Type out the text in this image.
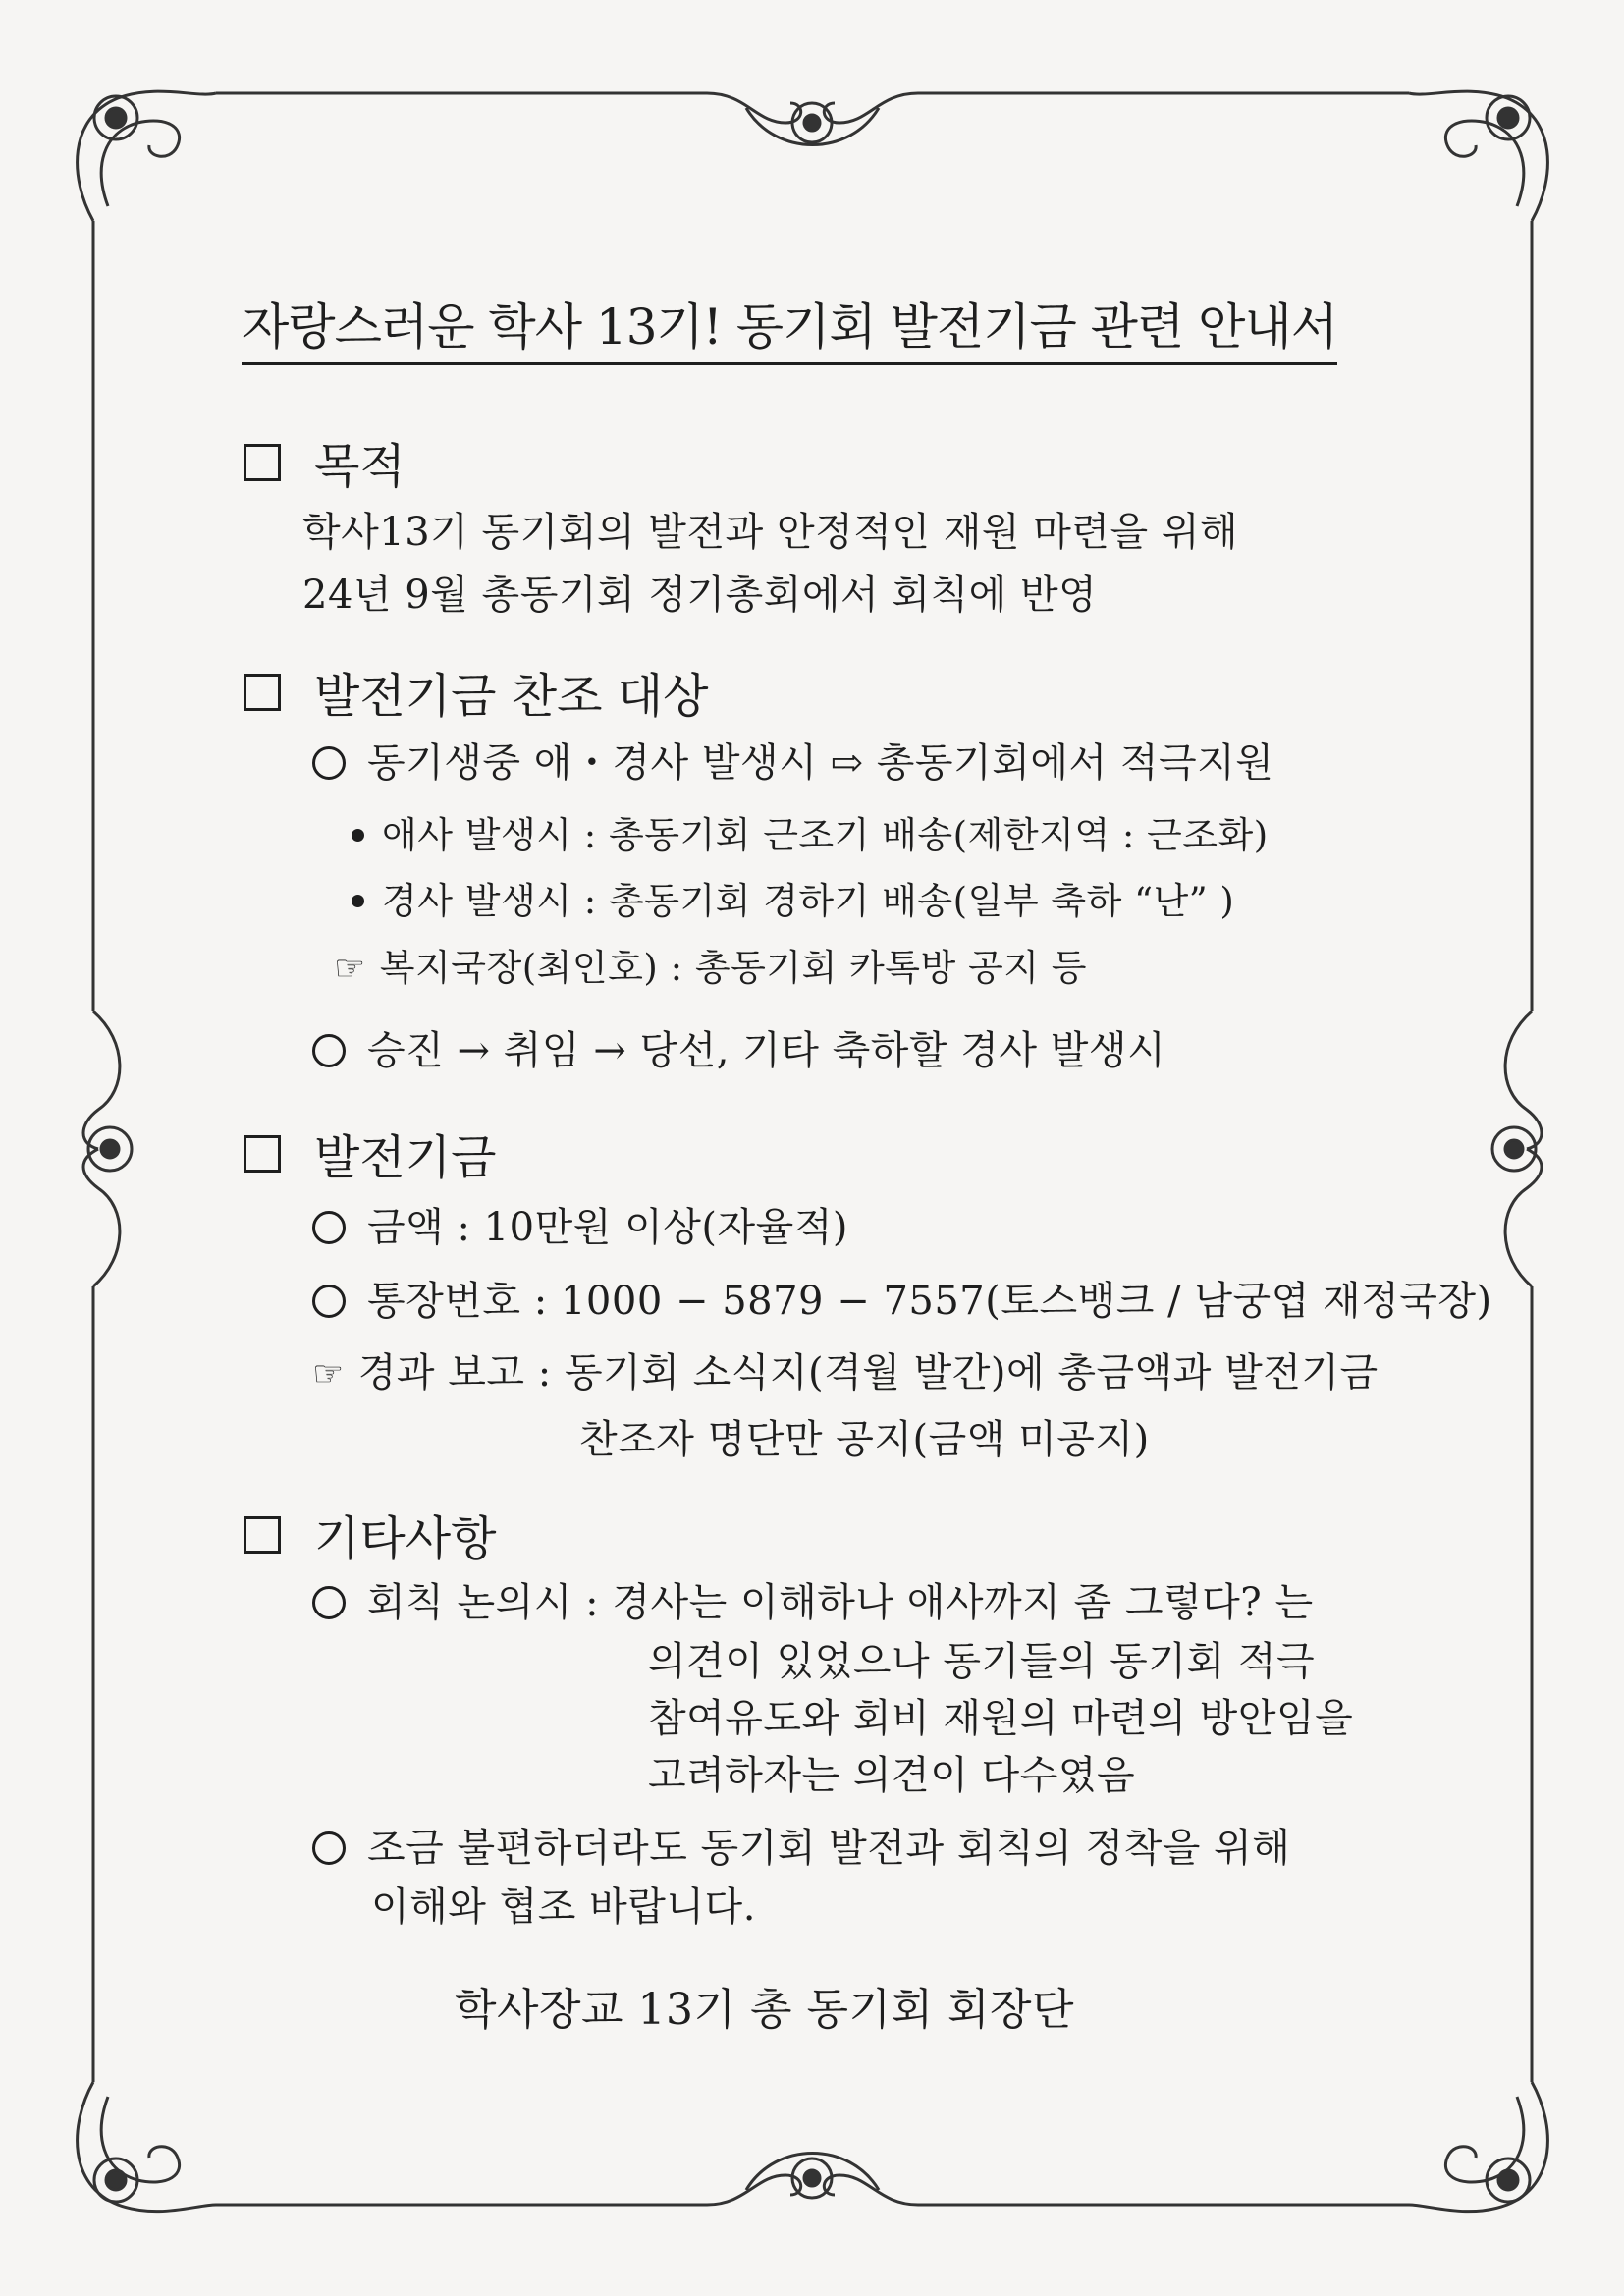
자랑스러운 학사 13기! 동기회 발전기금 관련 안내서
목적
학사13기 동기회의 발전과 안정적인 재원 마련을 위해
24년 9월 총동기회 정기총회에서 회칙에 반영
발전기금 찬조 대상
동기생중 애・경사 발생시 ⇨ 총동기회에서 적극지원
애사 발생시 : 총동기회 근조기 배송(제한지역 : 근조화)
경사 발생시 : 총동기회 경하기 배송(일부 축하 “난” )
☞ 복지국장(최인호) : 총동기회 카톡방 공지 등
승진 → 취임 → 당선, 기타 축하할 경사 발생시
발전기금
금액 : 10만원 이상(자율적)
통장번호 : 1000 − 5879 − 7557(토스뱅크 / 남궁엽 재정국장)
☞ 경과 보고 : 동기회 소식지(격월 발간)에 총금액과 발전기금
찬조자 명단만 공지(금액 미공지)
기타사항
회칙 논의시 : 경사는 이해하나 애사까지 좀 그렇다? 는
의견이 있었으나 동기들의 동기회 적극
참여유도와 회비 재원의 마련의 방안임을
고려하자는 의견이 다수였음
조금 불편하더라도 동기회 발전과 회칙의 정착을 위해
이해와 협조 바랍니다.
학사장교 13기 총 동기회 회장단
